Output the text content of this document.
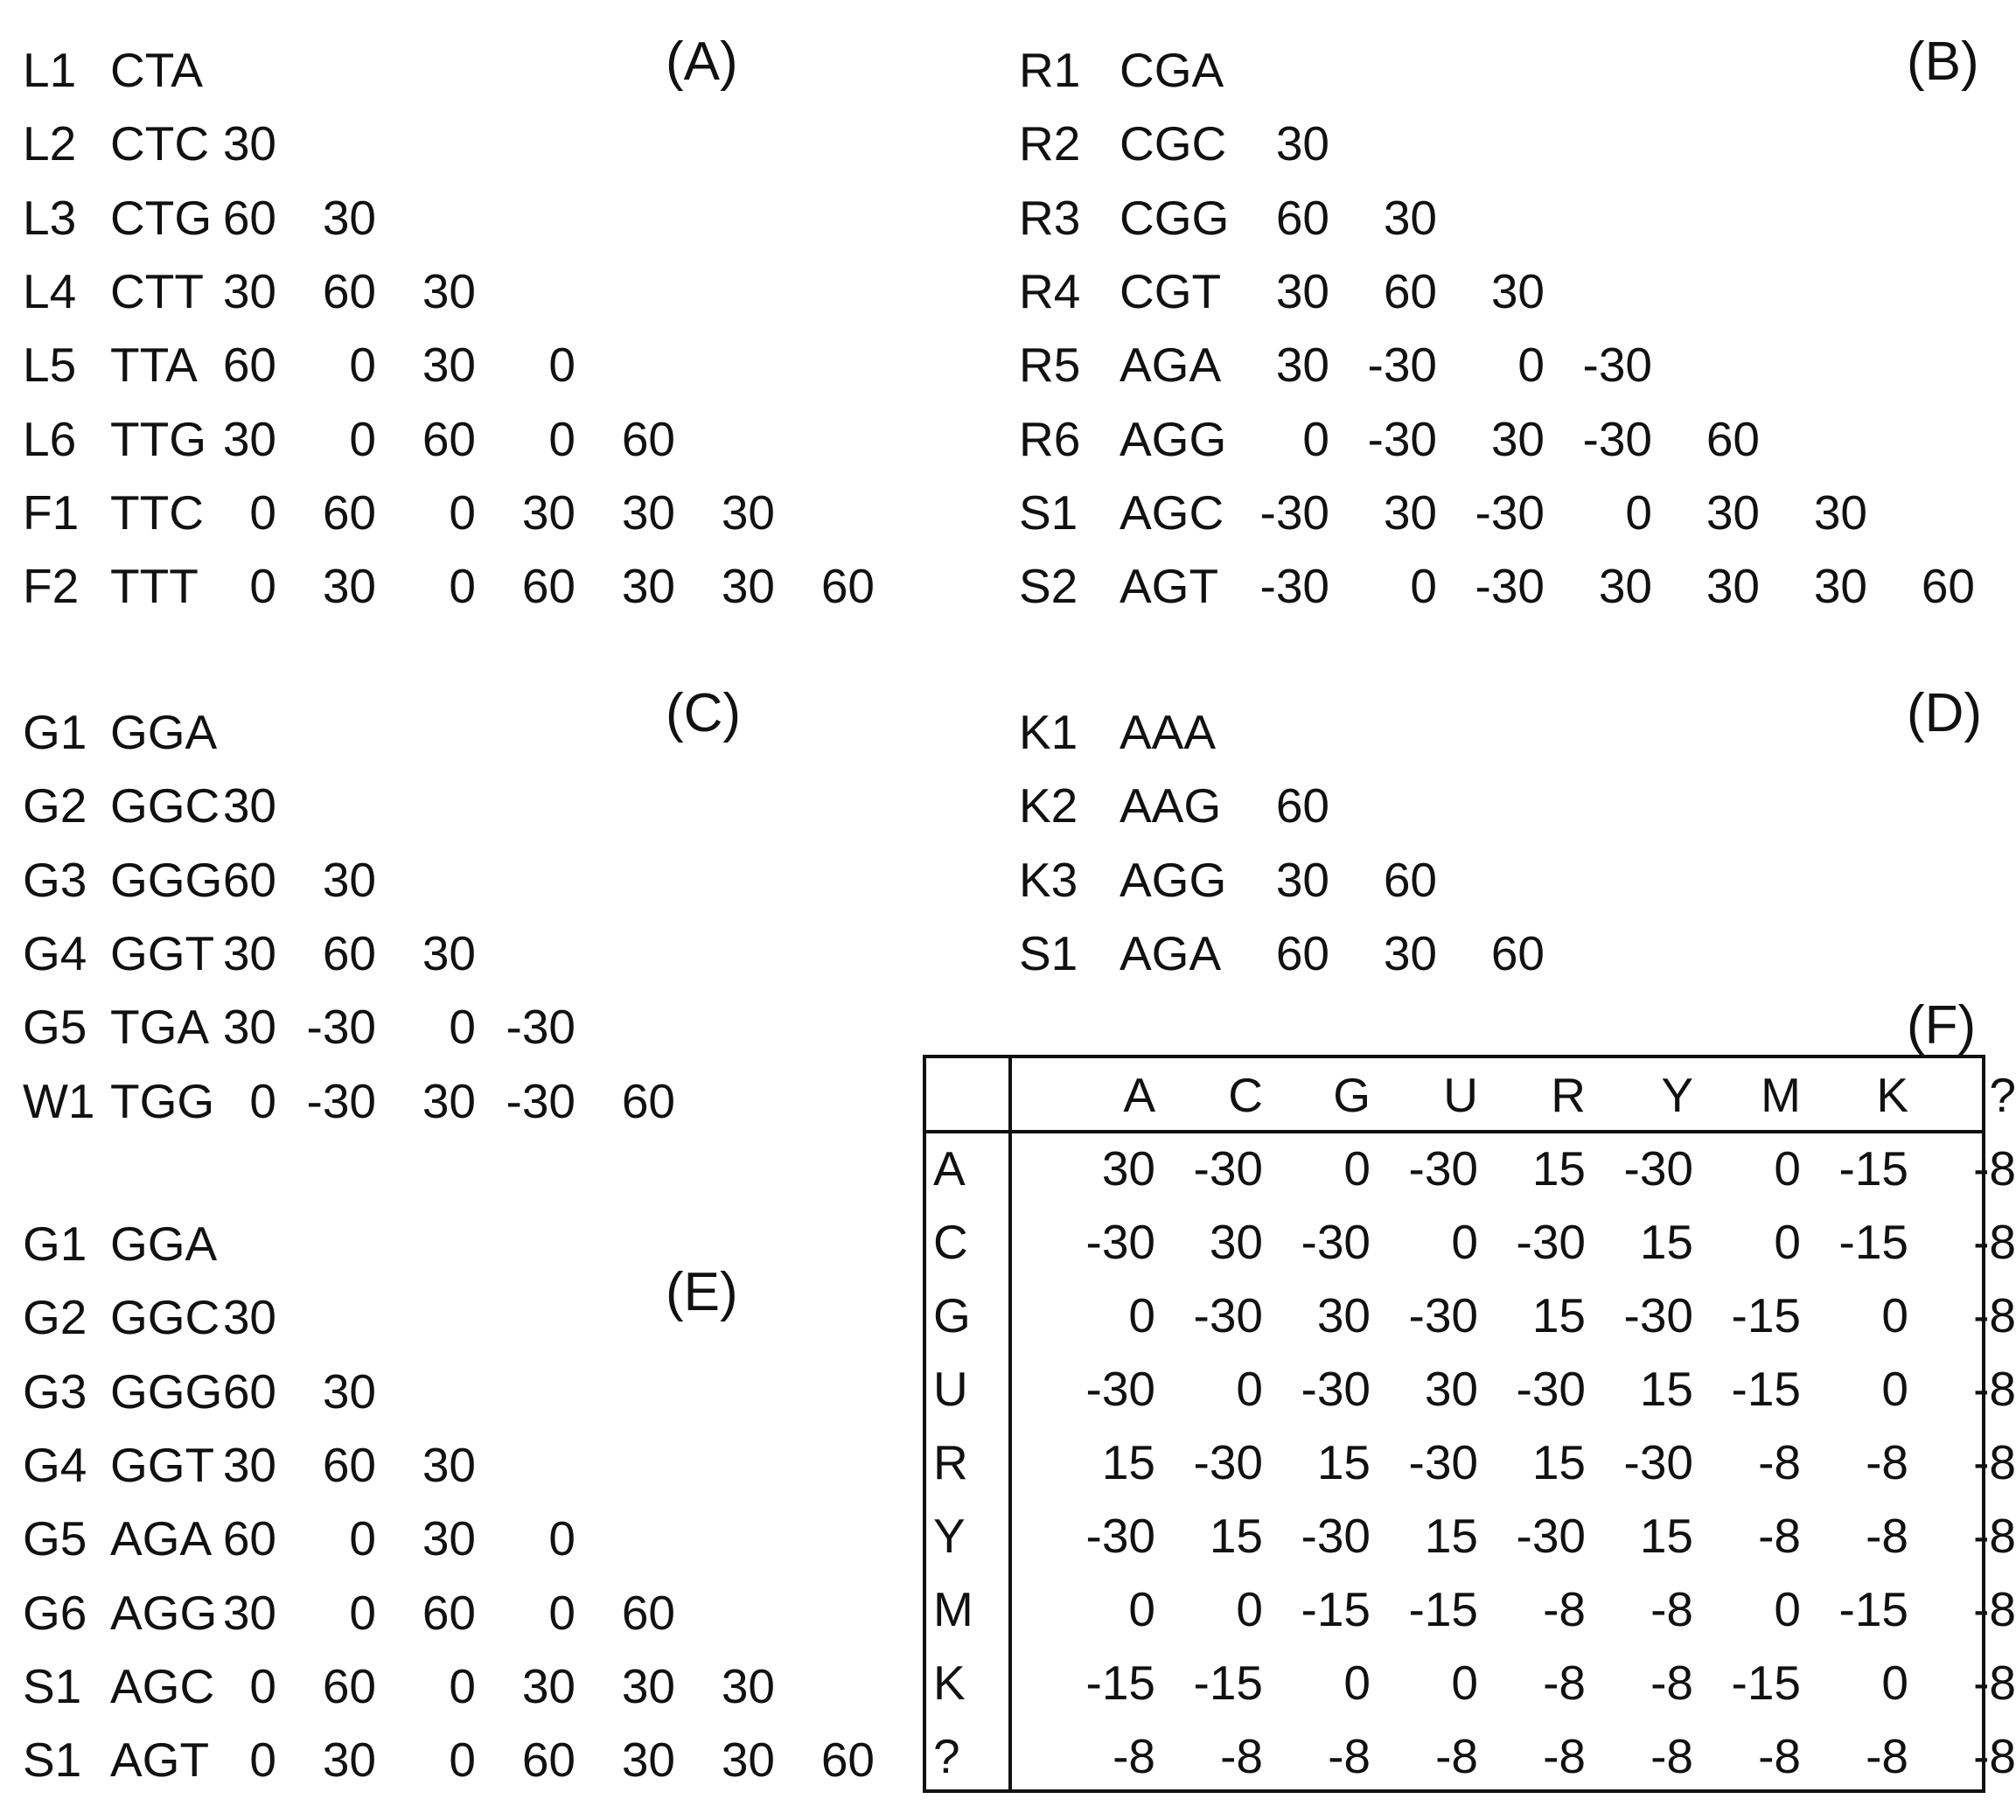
(A)
L1 CTA
L2 CTC 30
L3 CTG 60 30
L4 CTT 30 60 30
L5 TTA 60	0 30	0
L6 TTG 30	0 60	0 60
F1 TTC 0 60	0 30 30 30
F2 TTT	0 30	0 60 30 30 60
(B)
R1 CGA
R2 CGC	30
R3 CGG 60	30
R4 CGT	30	60	30
R5 AGA	30 -30	0 -30
R6 AGG	0 -30	30 -30	60
S1 AGC -30	30 -30	0	30	30
S2 AGT -30	0 -30	30	30	30	60
(C)
G1 GGA
G2 GGC 30
G3 GGG 60 30
G4 GGT 30 60 30
G5 TGA 30 -30	0 -30
W1 TGG 0 -30 30 -30 60
(D)
K1 AAA
K2 AAG	60
K3 AGG	30	60
S1 AGA	60	30	60
(E)
G1 GGA
G2 GGC 30
G3 GGG 60 30
G4 GGT 30 60 30
G5 AGA 60	0 30	0
G6 AGG 30	0 60	0 60
S1 AGC 0 60	0 30 30 30
S1 AGT 0 30	0 60 30 30 60
(F)
A	C	G	U	R	Y	M	K	?
A	30 -30	0 -30	15 -30	0 -15	-8
C	-30	30 -30	0 -30	15	0 -15	-8
G	0 -30	30 -30	15 -30 -15	0	-8
U	-30	0 -30	30 -30	15 -15	0	-8
R	15 -30	15 -30	15 -30	-8	-8	-8
Y	-30	15 -30	15 -30	15	-8	-8	-8
M	0	0 -15 -15	-8	-8	0 -15	-8
K	-15 -15	0	0	-8	-8 -15	0	-8
?	-8	-8	-8	-8	-8	-8	-8	-8	-8
